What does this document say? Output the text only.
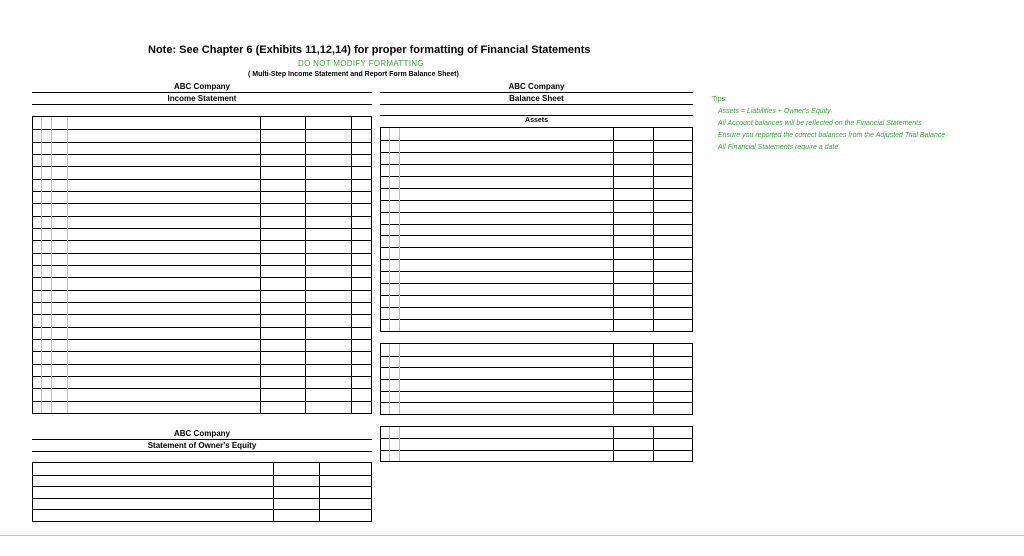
Note: See Chapter 6 (Exhibits 11,12,14) for proper formatting of Financial Statements
DO NOT MODIFY FORMATTING
( Multi-Step Income Statement and Report Form Balance Sheet)
ABC Company
Income Statement
ABC Company
Balance Sheet
Assets
Tips:
Assets = Liabilities + Owner's Equity
All Account balances will be reflected on the Financial Statements
Ensure you reported the correct balances from the Adjusted Trial Balance
All Financial Statements require a date.
ABC Company
Statement of Owner's Equity
